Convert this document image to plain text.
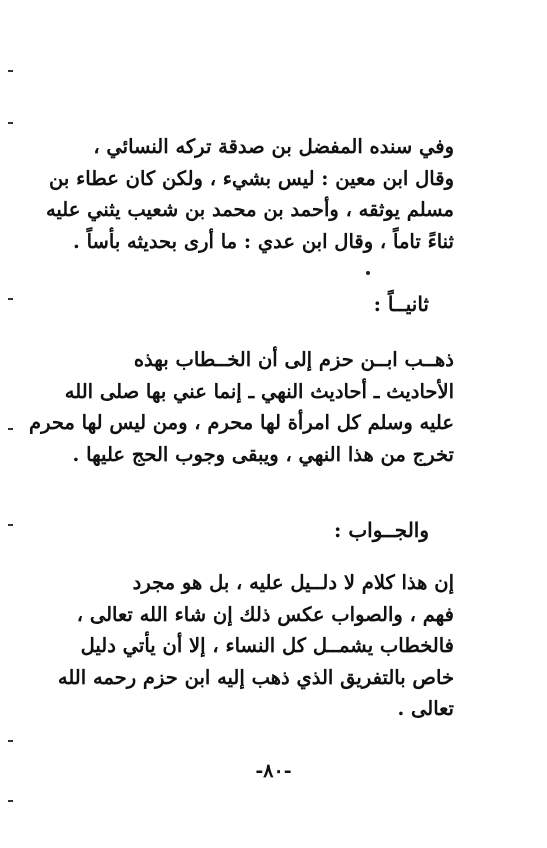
وفي سنده المفضل بن صدقة تركه النسائي ،
وقال ابن معين : ليس بشيء ، ولكن كان عطاء بن
مسلم يوثقه ، وأحمد بن محمد بن شعيب يثني عليه
ثناءً تاماً ، وقال ابن عدي : ما أرى بحديثه بأساً .
ثانيــاً :
ذهــب ابــن حزم إلى أن الخــطاب بهذه
الأحاديث ـ أحاديث النهي ـ إنما عني بها صلى الله
عليه وسلم كل امرأة لها محرم ، ومن ليس لها محرم
تخرج من هذا النهي ، ويبقى وجوب الحج عليها .
والجــواب :
إن هذا كلام لا دلــيل عليه ، بل هو مجرد
فهم ، والصواب عكس ذلك إن شاء الله تعالى ،
فالخطاب يشمــل كل النساء ، إلا أن يأتي دليل
خاص بالتفريق الذي ذهب إليه ابن حزم رحمه الله
تعالى .
-٨٠-
